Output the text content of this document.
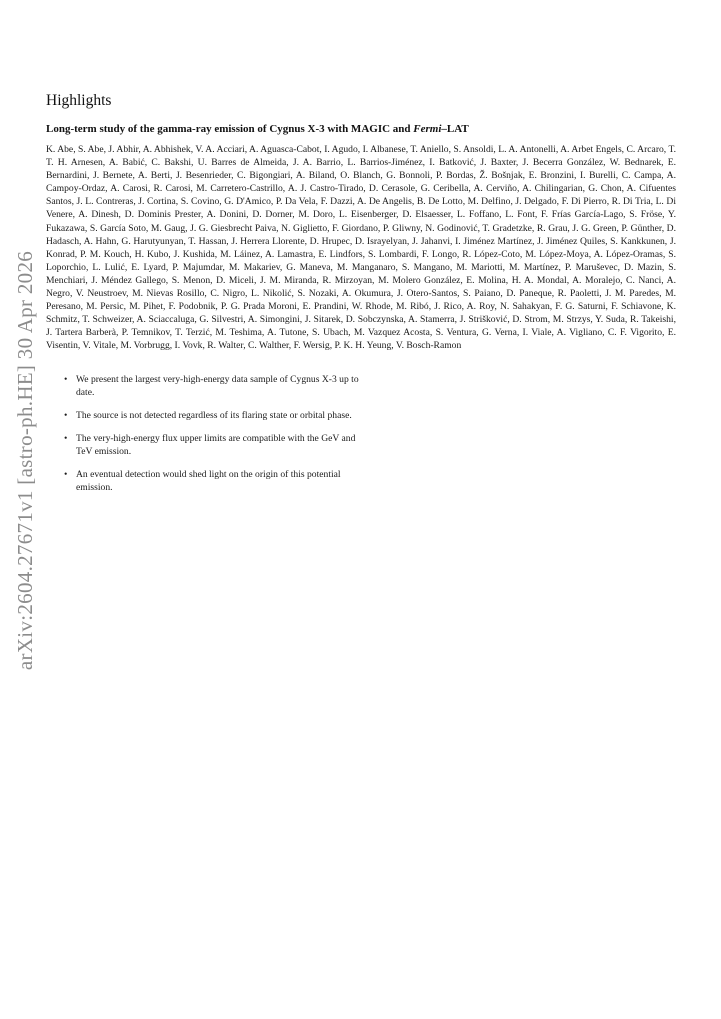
arXiv:2604.27671v1 [astro-ph.HE] 30 Apr 2026
Highlights
Long-term study of the gamma-ray emission of Cygnus X-3 with MAGIC and Fermi–LAT

K. Abe, S. Abe, J. Abhir, A. Abhishek, V. A. Acciari, A. Aguasca-Cabot, I. Agudo, I. Albanese, T. Aniello, S. Ansoldi, L. A. Antonelli, A. Arbet Engels, C. Arcaro, T. T. H. Arnesen, A. Babić, C. Bakshi, U. Barres de Almeida, J. A. Barrio, L. Barrios-Jiménez, I. Batković, J. Baxter, J. Becerra González, W. Bednarek, E. Bernardini, J. Bernete, A. Berti, J. Besenrieder, C. Bigongiari, A. Biland, O. Blanch, G. Bonnoli, P. Bordas, Ž. Bošnjak, E. Bronzini, I. Burelli, C. Campa, A. Campoy-Ordaz, A. Carosi, R. Carosi, M. Carretero-Castrillo, A. J. Castro-Tirado, D. Cerasole, G. Ceribella, A. Cerviño, A. Chilingarian, G. Chon, A. Cifuentes Santos, J. L. Contreras, J. Cortina, S. Covino, G. D'Amico, P. Da Vela, F. Dazzi, A. De Angelis, B. De Lotto, M. Delfino, J. Delgado, F. Di Pierro, R. Di Tria, L. Di Venere, A. Dinesh, D. Dominis Prester, A. Donini, D. Dorner, M. Doro, L. Eisenberger, D. Elsaesser, L. Foffano, L. Font, F. Frías García-Lago, S. Fröse, Y. Fukazawa, S. García Soto, M. Gaug, J. G. Giesbrecht Paiva, N. Giglietto, F. Giordano, P. Gliwny, N. Godinović, T. Gradetzke, R. Grau, J. G. Green, P. Günther, D. Hadasch, A. Hahn, G. Harutyunyan, T. Hassan, J. Herrera Llorente, D. Hrupec, D. Israyelyan, J. Jahanvi, I. Jiménez Martínez, J. Jiménez Quiles, S. Kankkunen, J. Konrad, P. M. Kouch, H. Kubo, J. Kushida, M. Láinez, A. Lamastra, E. Lindfors, S. Lombardi, F. Longo, R. López-Coto, M. López-Moya, A. López-Oramas, S. Loporchio, L. Lulić, E. Lyard, P. Majumdar, M. Makariev, G. Maneva, M. Manganaro, S. Mangano, M. Mariotti, M. Martínez, P. Maruševec, D. Mazin, S. Menchiari, J. Méndez Gallego, S. Menon, D. Miceli, J. M. Miranda, R. Mirzoyan, M. Molero González, E. Molina, H. A. Mondal, A. Moralejo, C. Nanci, A. Negro, V. Neustroev, M. Nievas Rosillo, C. Nigro, L. Nikolić, S. Nozaki, A. Okumura, J. Otero-Santos, S. Paiano, D. Paneque, R. Paoletti, J. M. Paredes, M. Peresano, M. Persic, M. Pihet, F. Podobnik, P. G. Prada Moroni, E. Prandini, W. Rhode, M. Ribó, J. Rico, A. Roy, N. Sahakyan, F. G. Saturni, F. Schiavone, K. Schmitz, T. Schweizer, A. Sciaccaluga, G. Silvestri, A. Simongini, J. Sitarek, D. Sobczynska, A. Stamerra, J. Strišković, D. Strom, M. Strzys, Y. Suda, R. Takeishi, J. Tartera Barberà, P. Temnikov, T. Terzić, M. Teshima, A. Tutone, S. Ubach, M. Vazquez Acosta, S. Ventura, G. Verna, I. Viale, A. Vigliano, C. F. Vigorito, E. Visentin, V. Vitale, M. Vorbrugg, I. Vovk, R. Walter, C. Walther, F. Wersig, P. K. H. Yeung, V. Bosch-Ramon

• We present the largest very-high-energy data sample of Cygnus X-3 up to date.
• The source is not detected regardless of its flaring state or orbital phase.
• The very-high-energy flux upper limits are compatible with the GeV and TeV emission.
• An eventual detection would shed light on the origin of this potential emission.
